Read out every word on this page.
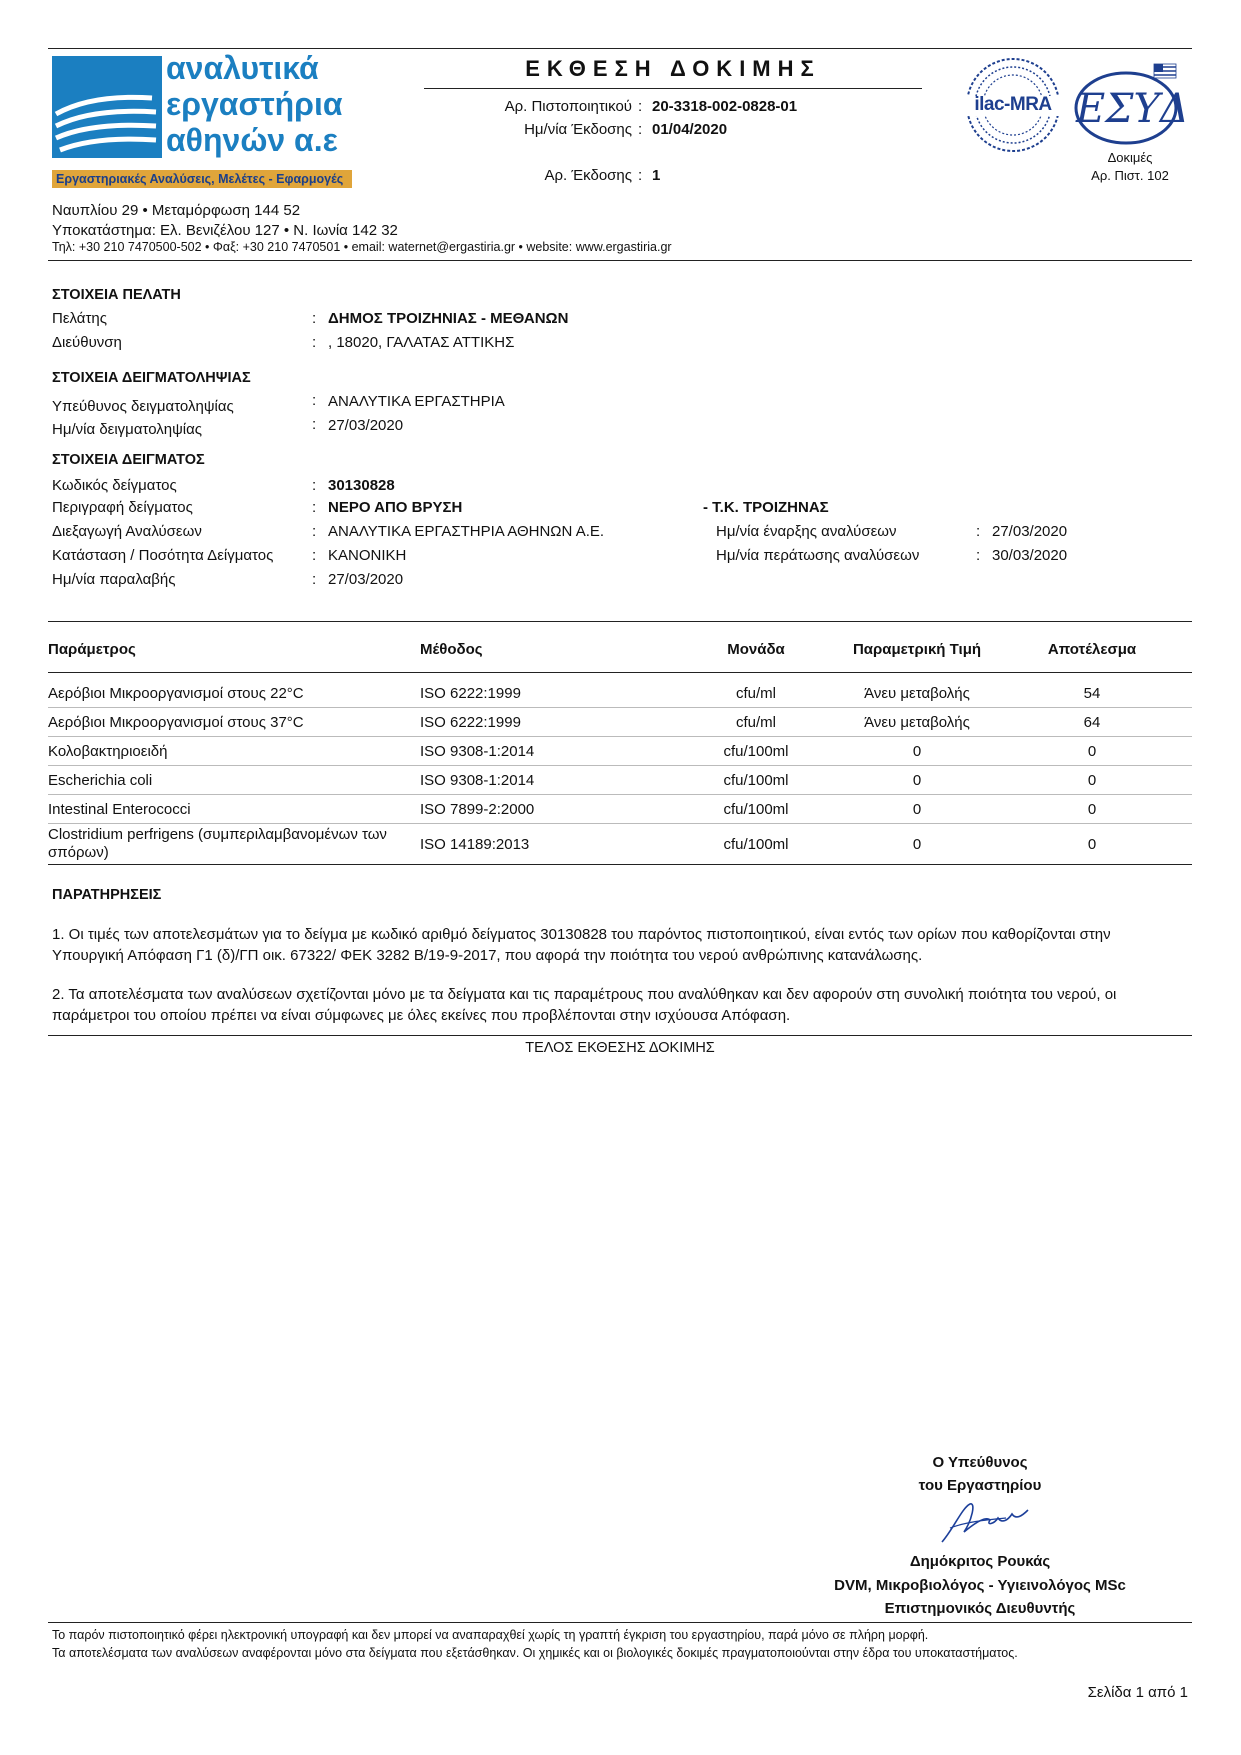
αναλυτικά
εργαστήρια
αθηνών α.ε
Εργαστηριακές Αναλύσεις, Μελέτες - Εφαρμογές
ΕΚΘΕΣΗ ΔΟΚΙΜΗΣ
Αρ. Πιστοποιητικού : 20-3318-002-0828-01
Ημ/νία Έκδοσης : 01/04/2020
Αρ. Έκδοσης : 1
ilac-MRA ΕΣΥΔ
Δοκιμές
Αρ. Πιστ. 102
Ναυπλίου 29 • Μεταμόρφωση 144 52
Υποκατάστημα: Ελ. Βενιζέλου 127 • Ν. Ιωνία 142 32
Τηλ: +30 210 7470500-502 • Φαξ: +30 210 7470501 • email: waternet@ergastiria.gr • website: www.ergastiria.gr
ΣΤΟΙΧΕΙΑ ΠΕΛΑΤΗ
Πελάτης	: ΔΗΜΟΣ ΤΡΟΙΖΗΝΙΑΣ - ΜΕΘΑΝΩΝ
Διεύθυνση	: , 18020, ΓΑΛΑΤΑΣ ΑΤΤΙΚΗΣ
ΣΤΟΙΧΕΙΑ ΔΕΙΓΜΑΤΟΛΗΨΙΑΣ
Υπεύθυνος δειγματοληψίας	: ΑΝΑΛΥΤΙΚΑ ΕΡΓΑΣΤΗΡΙΑ
Ημ/νία δειγματοληψίας	: 27/03/2020
ΣΤΟΙΧΕΙΑ ΔΕΙΓΜΑΤΟΣ
Κωδικός δείγματος	: 30130828
Περιγραφή δείγματος	: ΝΕΡΟ ΑΠΟ ΒΡΥΣΗ	- Τ.Κ. ΤΡΟΙΖΗΝΑΣ
Διεξαγωγή Αναλύσεων	: ΑΝΑΛΥΤΙΚΑ ΕΡΓΑΣΤΗΡΙΑ ΑΘΗΝΩΝ Α.Ε.	Ημ/νία έναρξης αναλύσεων	: 27/03/2020
Κατάσταση / Ποσότητα Δείγματος	: ΚΑΝΟΝΙΚΗ	Ημ/νία περάτωσης αναλύσεων	: 30/03/2020
Ημ/νία παραλαβής	: 27/03/2020
Παράμετρος	Μέθοδος	Μονάδα	Παραμετρική Τιμή	Αποτέλεσμα
Αερόβιοι Μικροοργανισμοί στους 22°C	ISO 6222:1999	cfu/ml	Άνευ μεταβολής	54
Αερόβιοι Μικροοργανισμοί στους 37°C	ISO 6222:1999	cfu/ml	Άνευ μεταβολής	64
Κολοβακτηριοειδή	ISO 9308-1:2014	cfu/100ml	0	0
Escherichia coli	ISO 9308-1:2014	cfu/100ml	0	0
Intestinal Enterococci	ISO 7899-2:2000	cfu/100ml	0	0
Clostridium perfrigens (συμπεριλαμβανομένων των σπόρων)	ISO 14189:2013	cfu/100ml	0	0
ΠΑΡΑΤΗΡΗΣΕΙΣ
1. Οι τιμές των αποτελεσμάτων για το δείγμα με κωδικό αριθμό δείγματος 30130828 του παρόντος πιστοποιητικού, είναι εντός των ορίων που καθορίζονται στην Υπουργική Απόφαση Γ1 (δ)/ΓΠ οικ. 67322/ ΦΕΚ 3282 Β/19-9-2017, που αφορά την ποιότητα του νερού ανθρώπινης κατανάλωσης.
2. Τα αποτελέσματα των αναλύσεων σχετίζονται μόνο με τα δείγματα και τις παραμέτρους που αναλύθηκαν και δεν αφορούν στη συνολική ποιότητα του νερού, οι παράμετροι του οποίου πρέπει να είναι σύμφωνες με όλες εκείνες που προβλέπονται στην ισχύουσα Απόφαση.
ΤΕΛΟΣ ΕΚΘΕΣΗΣ ΔΟΚΙΜΗΣ
Ο Υπεύθυνος
του Εργαστηρίου
Δημόκριτος Ρουκάς
DVM, Μικροβιολόγος - Υγιεινολόγος MSc
Επιστημονικός Διευθυντής
Το παρόν πιστοποιητικό φέρει ηλεκτρονική υπογραφή και δεν μπορεί να αναπαραχθεί χωρίς τη γραπτή έγκριση του εργαστηρίου, παρά μόνο σε πλήρη μορφή.
Τα αποτελέσματα των αναλύσεων αναφέρονται μόνο στα δείγματα που εξετάσθηκαν. Οι χημικές και οι βιολογικές δοκιμές πραγματοποιούνται στην έδρα του υποκαταστήματος.
Σελίδα 1 από 1
